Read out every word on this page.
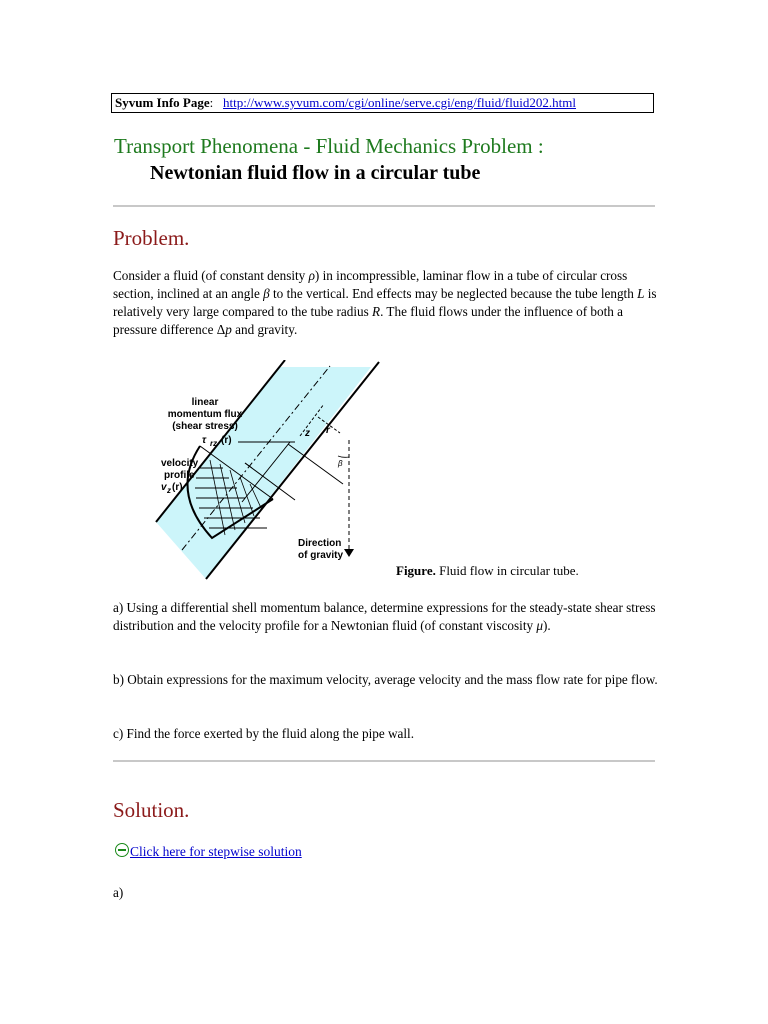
Syvum Info Page: http://www.syvum.com/cgi/online/serve.cgi/eng/fluid/fluid202.html
Transport Phenomena - Fluid Mechanics Problem :
Newtonian fluid flow in a circular tube
Problem.
Consider a fluid (of constant density ρ) in incompressible, laminar flow in a tube of circular cross section, inclined at an angle β to the vertical. End effects may be neglected because the tube length L is relatively very large compared to the tube radius R. The fluid flows under the influence of both a pressure difference Δp and gravity.
linear
momentum flux
(shear stress)
τ rz (r)
velocity
profile
v z (r)
z r
β
Direction
of gravity
Figure. Fluid flow in circular tube.
a) Using a differential shell momentum balance, determine expressions for the steady-state shear stress distribution and the velocity profile for a Newtonian fluid (of constant viscosity μ).
b) Obtain expressions for the maximum velocity, average velocity and the mass flow rate for pipe flow.
c) Find the force exerted by the fluid along the pipe wall.
Solution.
Click here for stepwise solution
a)
